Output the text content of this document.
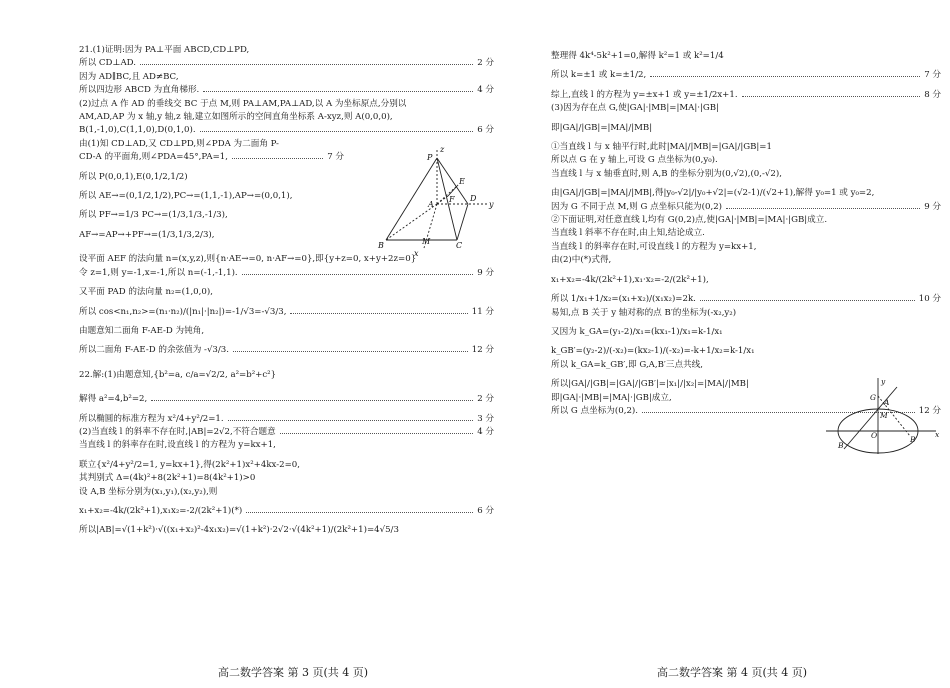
21.(1)证明:因为 PA⊥平面 ABCD,CD⊥PD,
所以 CD⊥AD.	2 分
因为 AD∥BC,且 AD≠BC,
所以四边形 ABCD 为直角梯形.	4 分
(2)过点 A 作 AD 的垂线交 BC 于点 M,则 PA⊥AM,PA⊥AD,以 A 为坐标原点,分别以
AM,AD,AP 为 x 轴,y 轴,z 轴,建立如图所示的空间直角坐标系 A-xyz,则 A(0,0,0),
B(1,-1,0),C(1,1,0),D(0,1,0).	6 分
由(1)知 CD⊥AD,又 CD⊥PD,则∠PDA 为二面角 P-
CD-A 的平面角,则∠PDA=45°,PA=1,	7 分
所以 P(0,0,1),E(0,1/2,1/2)
所以 AE→=(0,1/2,1/2),PC→=(1,1,-1),AP→=(0,0,1),
所以 PF→=1/3 PC→=(1/3,1/3,-1/3),
AF→=AP→+PF→=(1/3,1/3,2/3),
设平面 AEF 的法向量 n=(x,y,z),则{n·AE→=0, n·AF→=0},即{y+z=0, x+y+2z=0}
令 z=1,则 y=-1,x=-1,所以 n=(-1,-1,1).	9 分
又平面 PAD 的法向量 n₂=(1,0,0),
所以 cos<n₁,n₂>=(n₁·n₂)/(|n₁|·|n₂|)=-1/√3=-√3/3,	11 分
由题意知二面角 F-AE-D 为钝角,
所以二面角 F-AE-D 的余弦值为 -√3/3.	12 分
22.解:(1)由题意知,{b²=a, c/a=√2/2, a²=b²+c²}
解得 a²=4,b²=2,	2 分
所以椭圆的标准方程为 x²/4+y²/2=1.	3 分
(2)当直线 l 的斜率不存在时,|AB|=2√2,不符合题意	4 分
当直线 l 的斜率存在时,设直线 l 的方程为 y=kx+1,
联立{x²/4+y²/2=1, y=kx+1},得(2k²+1)x²+4kx-2=0,
其判别式 Δ=(4k)²+8(2k²+1)=8(4k²+1)>0
设 A,B 坐标分别为(x₁,y₁),(x₂,y₂),则
x₁+x₂=-4k/(2k²+1),x₁x₂=-2/(2k²+1)(*)	6 分
所以|AB|=√(1+k²)·√((x₁+x₂)²-4x₁x₂)=√(1+k²)·2√2·√(4k²+1)/(2k²+1)=4√5/3
整理得 4k⁴-5k²+1=0,解得 k²=1 或 k²=1/4
所以 k=±1 或 k=±1/2,	7 分
综上,直线 l 的方程为 y=±x+1 或 y=±1/2x+1.	8 分
(3)因为存在点 G,使|GA|·|MB|=|MA|·|GB|
即|GA|/|GB|=|MA|/|MB|
①当直线 l 与 x 轴平行时,此时|MA|/|MB|=|GA|/|GB|=1
所以点 G 在 y 轴上,可设 G 点坐标为(0,y₀).
当直线 l 与 x 轴垂直时,则 A,B 的坐标分别为(0,√2),(0,-√2),
由|GA|/|GB|=|MA|/|MB|,得|y₀-√2|/|y₀+√2|=(√2-1)/(√2+1),解得 y₀=1 或 y₀=2,
因为 G 不同于点 M,则 G 点坐标只能为(0,2)	9 分
②下面证明,对任意直线 l,均有 G(0,2)点,使|GA|·|MB|=|MA|·|GB|成立.
当直线 l 斜率不存在时,由上知,结论成立.
当直线 l 的斜率存在时,可设直线 l 的方程为 y=kx+1,
由(2)中(*)式得,
x₁+x₂=-4k/(2k²+1),x₁·x₂=-2/(2k²+1),
所以 1/x₁+1/x₂=(x₁+x₂)/(x₁x₂)=2k.	10 分
易知,点 B 关于 y 轴对称的点 B′的坐标为(-x₂,y₂)
又因为 k_GA=(y₁-2)/x₁=(kx₁-1)/x₁=k-1/x₁
k_GB′=(y₂-2)/(-x₂)=(kx₂-1)/(-x₂)=-k+1/x₂=k-1/x₁
所以 k_GA=k_GB′,即 G,A,B′三点共线,
所以|GA|/|GB|=|GA|/|GB′|=|x₁|/|x₂|=|MA|/|MB|
即|GA|·|MB|=|MA|·|GB|成立,
所以 G 点坐标为(0,2).	12 分
P
z
E
D
y
A
F
B	M	C
x
y
G
A
M
O	B′
B
x
高二数学答案 第 3 页(共 4 页)	高二数学答案 第 4 页(共 4 页)
